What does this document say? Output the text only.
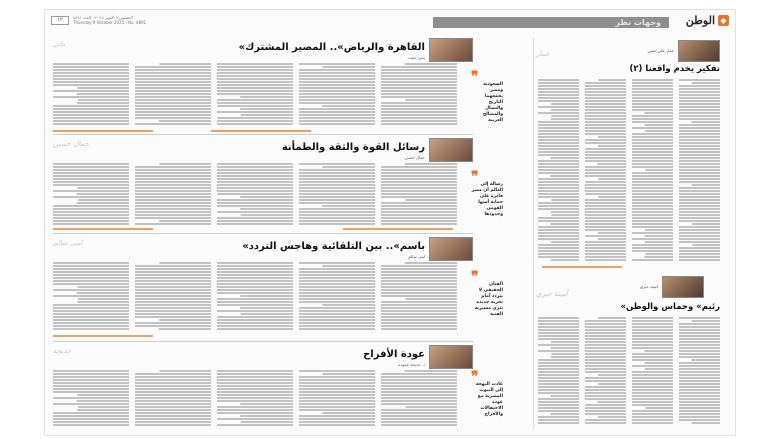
١٢	الخميس ٩ أكتوبر ٢٠٢٥ - العدد ٤٨٩١
Thursday 9 October 2025 - No. 4891	وجهات نظر الوطن ◆
يحي	«القاهرة والرياض».. المصير المشترك
يحي حبيب
❞	السعودية ومصر يجمعهما التاريخ والنضال والمصالح العربية
جمال حسين	رسائل القوة والثقة والطمأنة
جمال حسين
❞ رسالة إلى العالم أن مصر قادرة على حماية أمنها القومي وحدودها
لبنى سالم	«باسم».. بين التلقائية وهاجس التردد
لبنى سالم
❞	الفنان الحقيقي لا يتردد أمام تجربة جديدة تثري مسيرته الفنية
خديجة	عودة الأفراح
د. خديجة حمودة
❞
عادت البهجة إلى البيوت المصرية مع عودة الاحتفالات والأفراح
عمار	عمار علي حسن
تفكير يخدم واقعنا (٢)
أمينة خيري
أمينة خيري
«رئيم» وحماس والوطن
